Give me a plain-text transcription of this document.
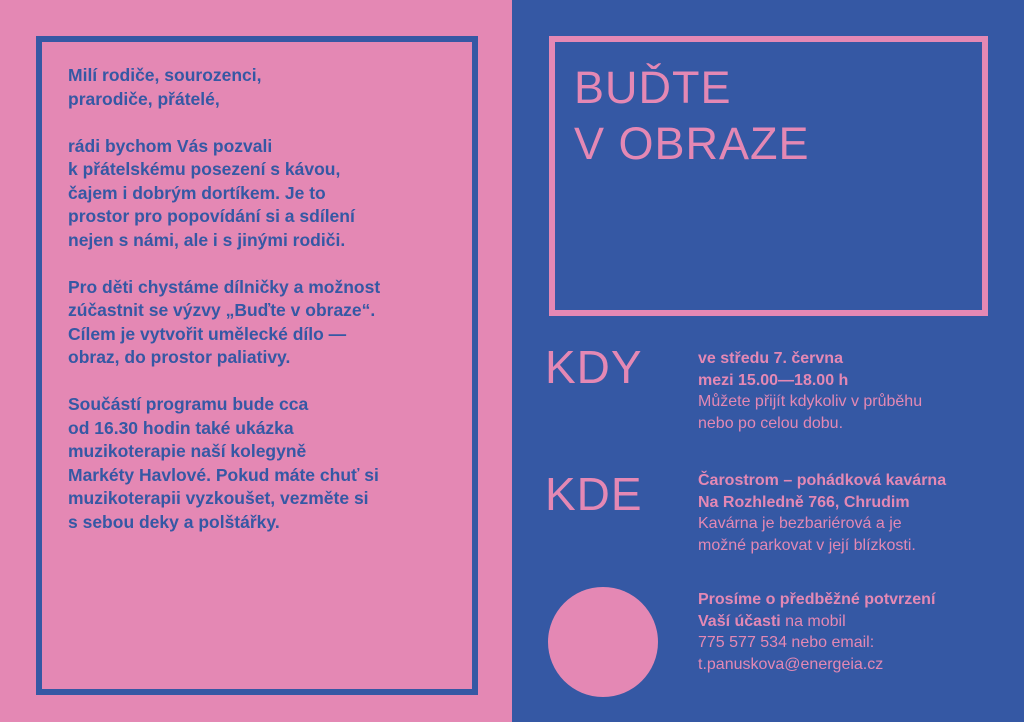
Milí rodiče, sourozenci,
prarodiče, přátelé,

rádi bychom Vás pozvali
k přátelskému posezení s kávou,
čajem i dobrým dortíkem. Je to
prostor pro popovídání si a sdílení
nejen s námi, ale i s jinými rodiči.

Pro děti chystáme dílničky a možnost
zúčastnit se výzvy „Buďte v obraze“.
Cílem je vytvořit umělecké dílo —
obraz, do prostor paliativy.

Součástí programu bude cca
od 16.30 hodin také ukázka
muzikoterapie naší kolegyně
Markéty Havlové. Pokud máte chuť si
muzikoterapii vyzkoušet, vezměte si
s sebou deky a polštářky.

BUĎTE
V OBRAZE
KDY	ve středu 7. června
mezi 15.00—18.00 h
Můžete přijít kdykoliv v průběhu
nebo po celou dobu.
KDE	Čarostrom – pohádková kavárna
Na Rozhledně 766, Chrudim
Kavárna je bezbariérová a je
možné parkovat v její blízkosti.
Prosíme o předběžné potvrzení
Vaší účasti na mobil
775 577 534 nebo email:
t.panuskova@energeia.cz
